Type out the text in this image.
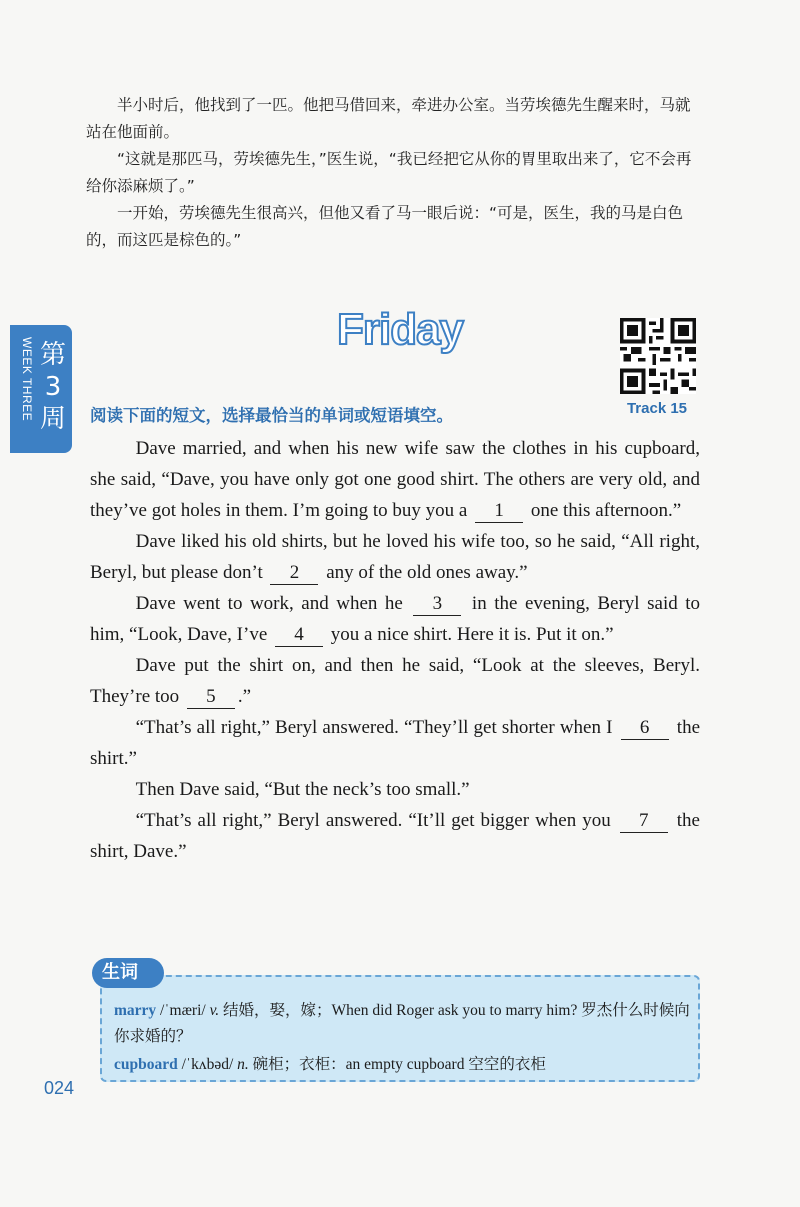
半小时后，他找到了一匹。他把马借回来，牵进办公室。当劳埃德先生醒来时，马就站在他面前。

“这就是那匹马，劳埃德先生，”医生说，“我已经把它从你的胃里取出来了，它不会再给你添麻烦了。”

一开始，劳埃德先生很高兴，但他又看了马一眼后说：“可是，医生，我的马是白色的，而这匹是棕色的。”

WEEK THREE 第3周
Friday
Track 15
阅读下面的短文，选择最恰当的单词或短语填空。

Dave married, and when his new wife saw the clothes in his cupboard, she said, “Dave, you have only got one good shirt. The others are very old, and they’ve got holes in them. I’m going to buy you a 1 one this afternoon.”

Dave liked his old shirts, but he loved his wife too, so he said, “All right, Beryl, but please don’t 2 any of the old ones away.”

Dave went to work, and when he 3 in the evening, Beryl said to him, “Look, Dave, I’ve 4 you a nice shirt. Here it is. Put it on.”

Dave put the shirt on, and then he said, “Look at the sleeves, Beryl. They’re too 5 .”

“That’s all right,” Beryl answered. “They’ll get shorter when I 6 the shirt.”

Then Dave said, “But the neck’s too small.”

“That’s all right,” Beryl answered. “It’ll get bigger when you 7 the shirt, Dave.”

生词

marry /ˈmæri/ v. 结婚，娶，嫁；When did Roger ask you to marry him? 罗杰什么时候向你求婚的？

cupboard /ˈkʌbəd/ n. 碗柜；衣柜：an empty cupboard 空空的衣柜

024
